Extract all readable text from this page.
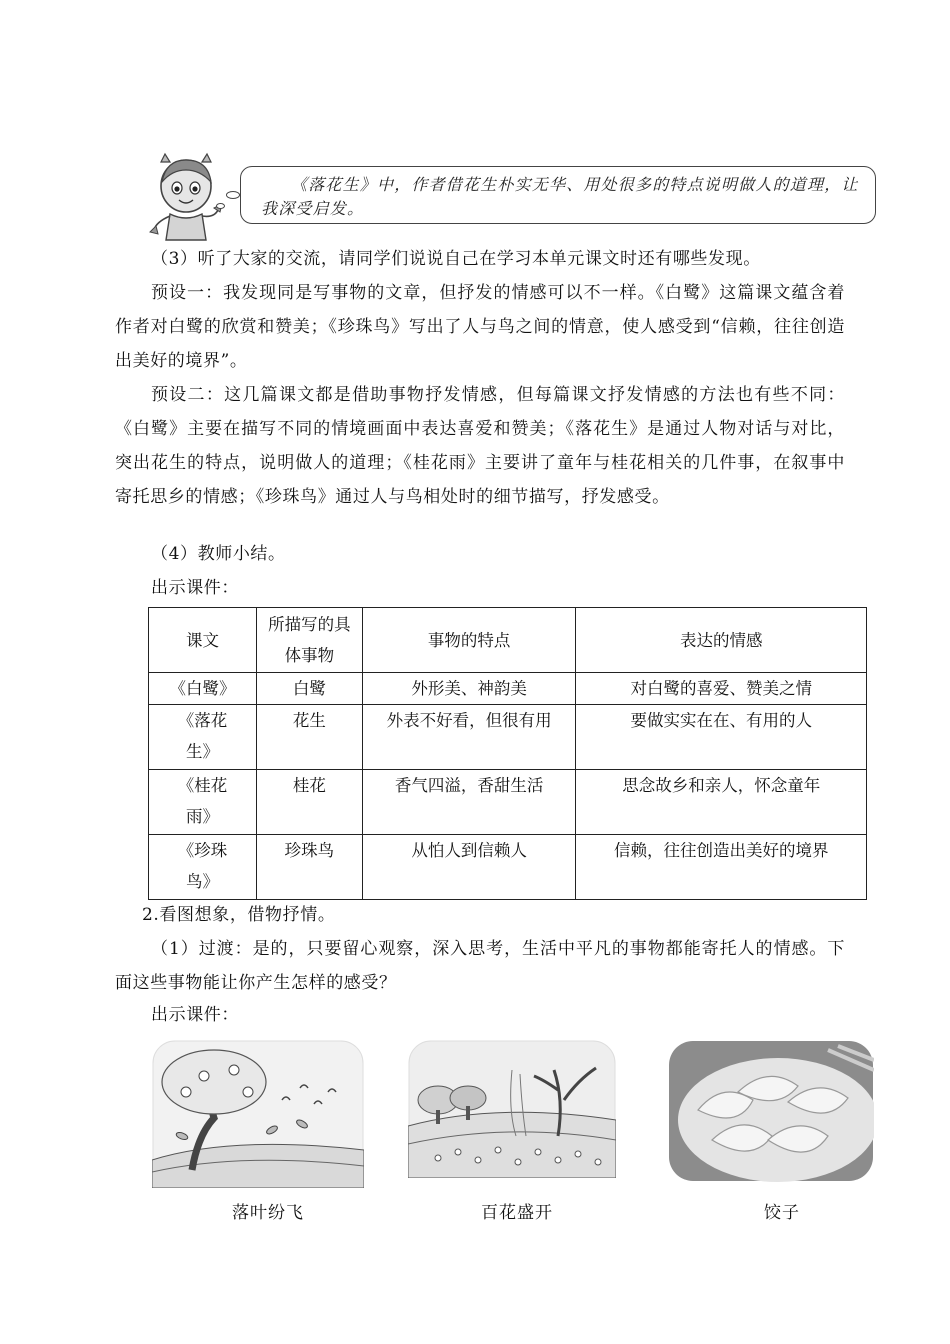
《落花生》中，作者借花生朴实无华、用处很多的特点说明做人的道理，让我深受启发。

（3）听了大家的交流，请同学们说说自己在学习本单元课文时还有哪些发现。

预设一：我发现同是写事物的文章，但抒发的情感可以不一样。《白鹭》这篇课文蕴含着作者对白鹭的欣赏和赞美；《珍珠鸟》写出了人与鸟之间的情意，使人感受到“信赖，往往创造出美好的境界”。

预设二：这几篇课文都是借助事物抒发情感，但每篇课文抒发情感的方法也有些不同：《白鹭》主要在描写不同的情境画面中表达喜爱和赞美；《落花生》是通过人物对话与对比，突出花生的特点，说明做人的道理；《桂花雨》主要讲了童年与桂花相关的几件事，在叙事中寄托思乡的情感；《珍珠鸟》通过人与鸟相处时的细节描写，抒发感受。

（4）教师小结。

出示课件：

课文	所描写的具体事物	事物的特点	表达的情感
《白鹭》	白鹭	外形美、神韵美	对白鹭的喜爱、赞美之情
《落花生》	花生	外表不好看，但很有用	要做实实在在、有用的人
《桂花雨》	桂花	香气四溢，香甜生活	思念故乡和亲人，怀念童年
《珍珠鸟》	珍珠鸟	从怕人到信赖人	信赖，往往创造出美好的境界

2.看图想象，借物抒情。

（1）过渡：是的，只要留心观察，深入思考，生活中平凡的事物都能寄托人的情感。下面这些事物能让你产生怎样的感受？

出示课件：

落叶纷飞	百花盛开	饺子
